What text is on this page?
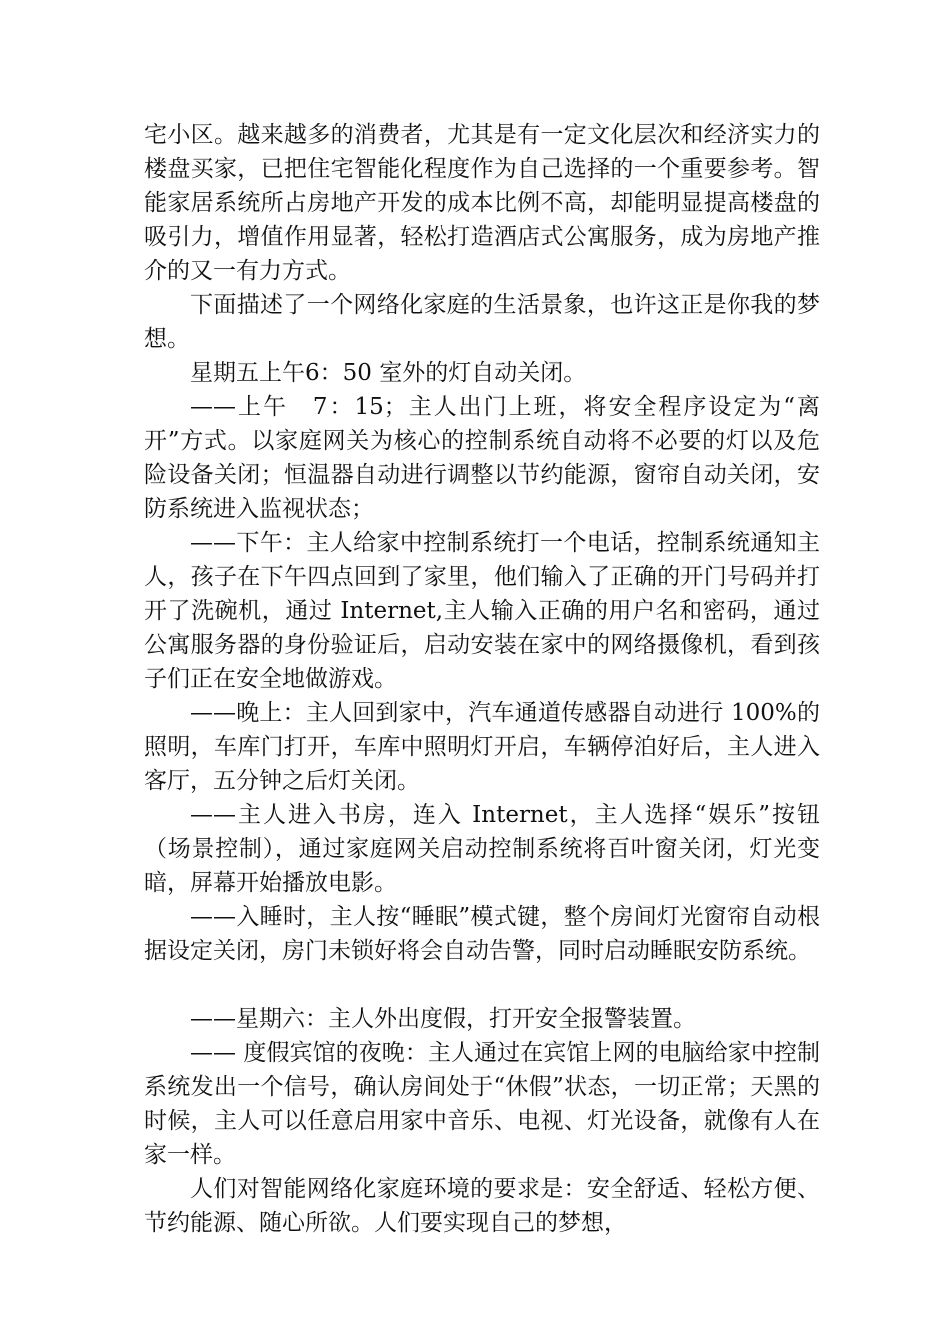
宅小区。越来越多的消费者，尤其是有一定文化层次和经济实力的楼盘买家，已把住宅智能化程度作为自己选择的一个重要参考。智能家居系统所占房地产开发的成本比例不高，却能明显提高楼盘的吸引力，增值作用显著，轻松打造酒店式公寓服务，成为房地产推介的又一有力方式。

下面描述了一个网络化家庭的生活景象，也许这正是你我的梦想。

星期五上午6：50 室外的灯自动关闭。

——上午　7：15；主人出门上班，将安全程序设定为“离开”方式。以家庭网关为核心的控制系统自动将不必要的灯以及危险设备关闭；恒温器自动进行调整以节约能源，窗帘自动关闭，安防系统进入监视状态；

——下午：主人给家中控制系统打一个电话，控制系统通知主人，孩子在下午四点回到了家里，他们输入了正确的开门号码并打开了洗碗机，通过 Internet,主人输入正确的用户名和密码，通过公寓服务器的身份验证后，启动安装在家中的网络摄像机，看到孩子们正在安全地做游戏。

——晚上：主人回到家中，汽车通道传感器自动进行 100%的照明，车库门打开，车库中照明灯开启，车辆停泊好后，主人进入客厅，五分钟之后灯关闭。

——主人进入书房，连入 Internet，主人选择“娱乐”按钮（场景控制），通过家庭网关启动控制系统将百叶窗关闭，灯光变暗，屏幕开始播放电影。

——入睡时，主人按“睡眠”模式键，整个房间灯光窗帘自动根据设定关闭，房门未锁好将会自动告警，同时启动睡眠安防系统。

——星期六：主人外出度假，打开安全报警装置。

—— 度假宾馆的夜晚：主人通过在宾馆上网的电脑给家中控制系统发出一个信号，确认房间处于“休假”状态，一切正常；天黑的时候，主人可以任意启用家中音乐、电视、灯光设备，就像有人在家一样。

人们对智能网络化家庭环境的要求是：安全舒适、轻松方便、节约能源、随心所欲。人们要实现自己的梦想，
